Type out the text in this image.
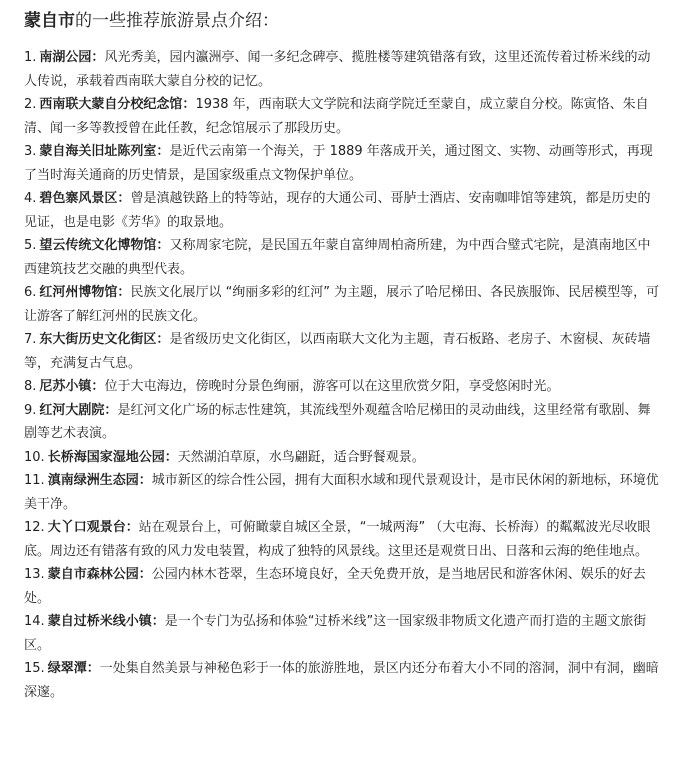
蒙自市的一些推荐旅游景点介绍：
1. 南湖公园：风光秀美，园内瀛洲亭、闻一多纪念碑亭、揽胜楼等建筑错落有致，这里还流传着过桥米线的动人传说，承载着西南联大蒙自分校的记忆。
2. 西南联大蒙自分校纪念馆：1938 年，西南联大文学院和法商学院迁至蒙自，成立蒙自分校。陈寅恪、朱自清、闻一多等教授曾在此任教，纪念馆展示了那段历史。
3. 蒙自海关旧址陈列室：是近代云南第一个海关，于 1889 年落成开关，通过图文、实物、动画等形式，再现了当时海关通商的历史情景，是国家级重点文物保护单位。
4. 碧色寨风景区：曾是滇越铁路上的特等站，现存的大通公司、哥胪士酒店、安南咖啡馆等建筑，都是历史的见证，也是电影《芳华》的取景地。
5. 望云传统文化博物馆：又称周家宅院，是民国五年蒙自富绅周柏斋所建，为中西合璧式宅院，是滇南地区中西建筑技艺交融的典型代表。
6. 红河州博物馆：民族文化展厅以 “绚丽多彩的红河” 为主题，展示了哈尼梯田、各民族服饰、民居模型等，可让游客了解红河州的民族文化。
7. 东大街历史文化街区：是省级历史文化街区，以西南联大文化为主题，青石板路、老房子、木窗棂、灰砖墙等，充满复古气息。
8. 尼苏小镇：位于大屯海边，傍晚时分景色绚丽，游客可以在这里欣赏夕阳，享受悠闲时光。
9. 红河大剧院：是红河文化广场的标志性建筑，其流线型外观蕴含哈尼梯田的灵动曲线，这里经常有歌剧、舞剧等艺术表演。
10. 长桥海国家湿地公园：天然湖泊草原，水鸟翩跹，适合野餐观景。
11. 滇南绿洲生态园：城市新区的综合性公园，拥有大面积水域和现代景观设计，是市民休闲的新地标，环境优美干净。
12. 大丫口观景台：站在观景台上，可俯瞰蒙自城区全景，“一城两海” （大屯海、长桥海）的粼粼波光尽收眼底。周边还有错落有致的风力发电装置，构成了独特的风景线。这里还是观赏日出、日落和云海的绝佳地点。
13. 蒙自市森林公园：公园内林木苍翠，生态环境良好，全天免费开放，是当地居民和游客休闲、娱乐的好去处。
14. 蒙自过桥米线小镇：是一个专门为弘扬和体验“过桥米线”这一国家级非物质文化遗产而打造的主题文旅街区。
15. 绿翠潭：一处集自然美景与神秘色彩于一体的旅游胜地，景区内还分布着大小不同的溶洞，洞中有洞，幽暗深邃。
